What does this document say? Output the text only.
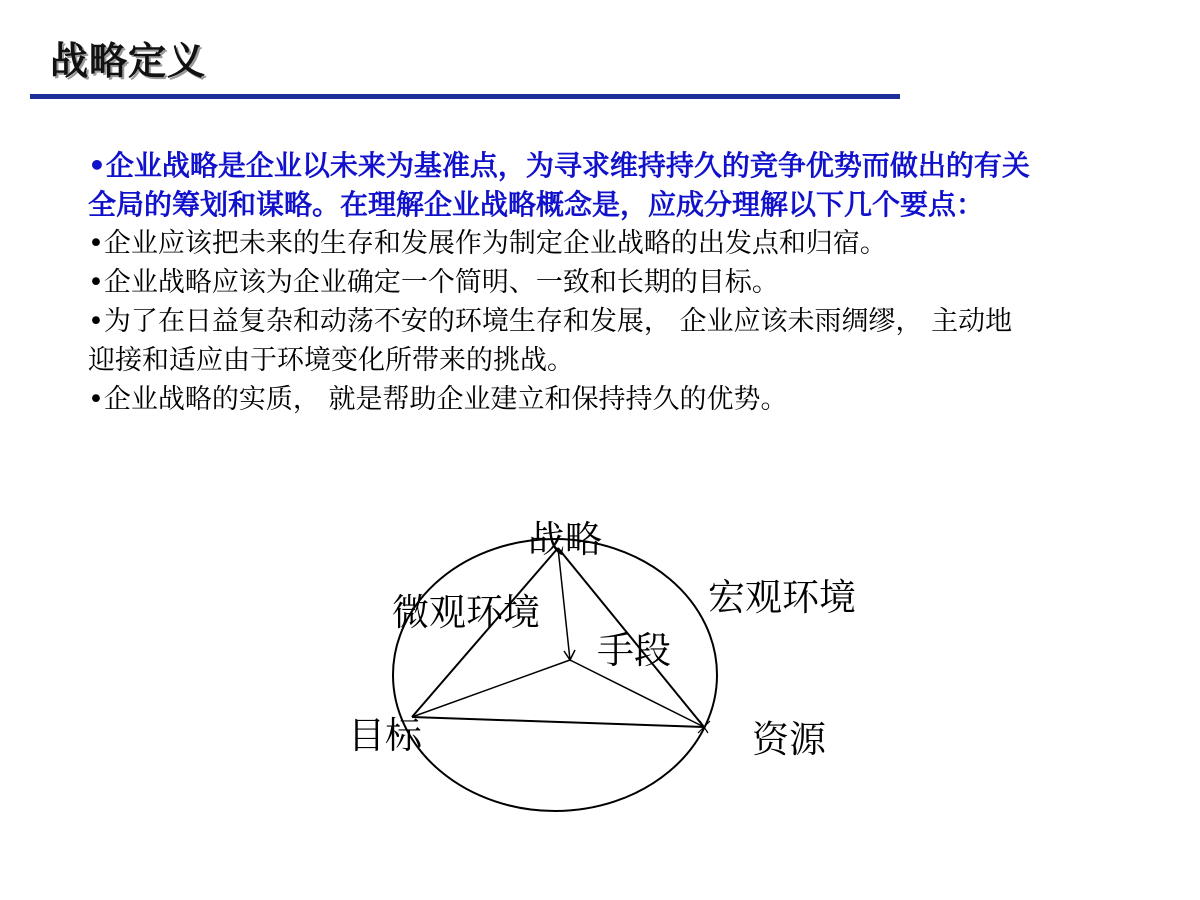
战略定义
•企业战略是企业以未来为基准点，为寻求维持持久的竞争优势而做出的有关全局的筹划和谋略。在理解企业战略概念是，应成分理解以下几个要点：
•企业应该把未来的生存和发展作为制定企业战略的出发点和归宿。
•企业战略应该为企业确定一个简明、一致和长期的目标。
•为了在日益复杂和动荡不安的环境生存和发展， 企业应该未雨绸缪， 主动地迎接和适应由于环境变化所带来的挑战。
•企业战略的实质， 就是帮助企业建立和保持持久的优势。
战略
微观环境	宏观环境
手段
目标	资源
